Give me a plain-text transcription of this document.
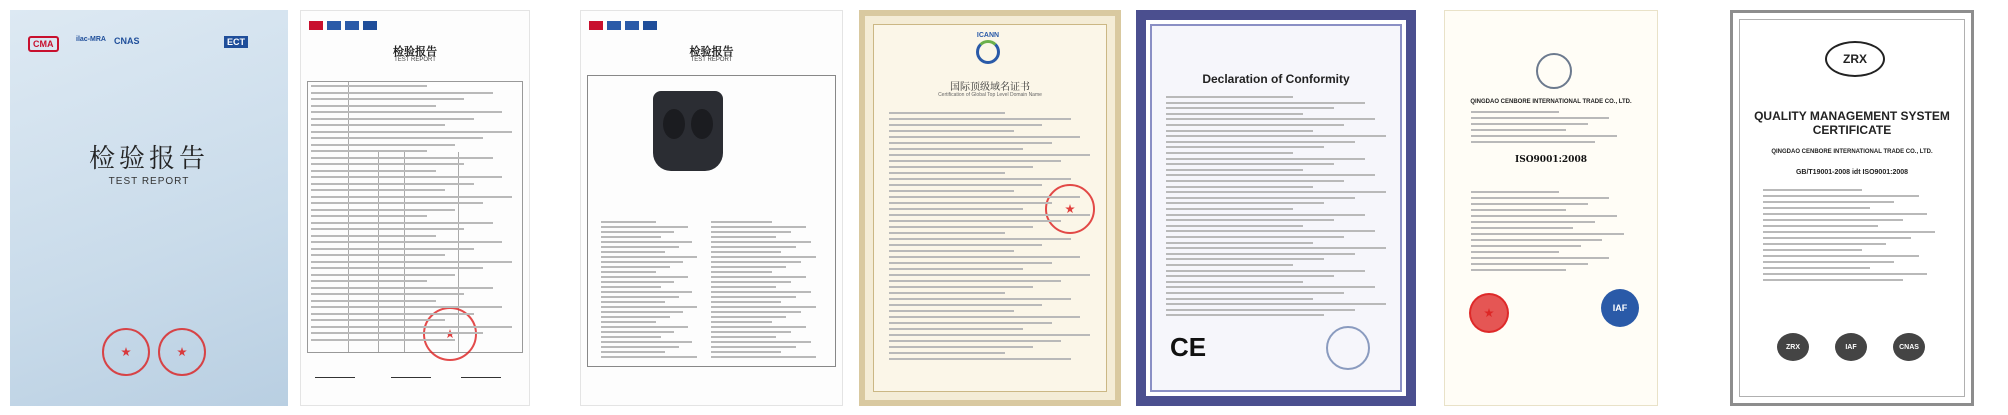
CMA	ilac-MRA CNAS	ECT
检验报告
TEST REPORT
检验报告
TEST REPORT
检验报告
TEST REPORT
ICANN
国际顶级域名证书
Certification of Global Top Level Domain Name
Declaration of Conformity
CE
QINGDAO CENBORE INTERNATIONAL TRADE CO., LTD.
ISO9001:2008
IAF
ZRX
QUALITY MANAGEMENT SYSTEM
CERTIFICATE
QINGDAO CENBORE INTERNATIONAL TRADE CO., LTD.
GB/T19001-2008 idt ISO9001:2008
ZRX	IAF	CNAS
